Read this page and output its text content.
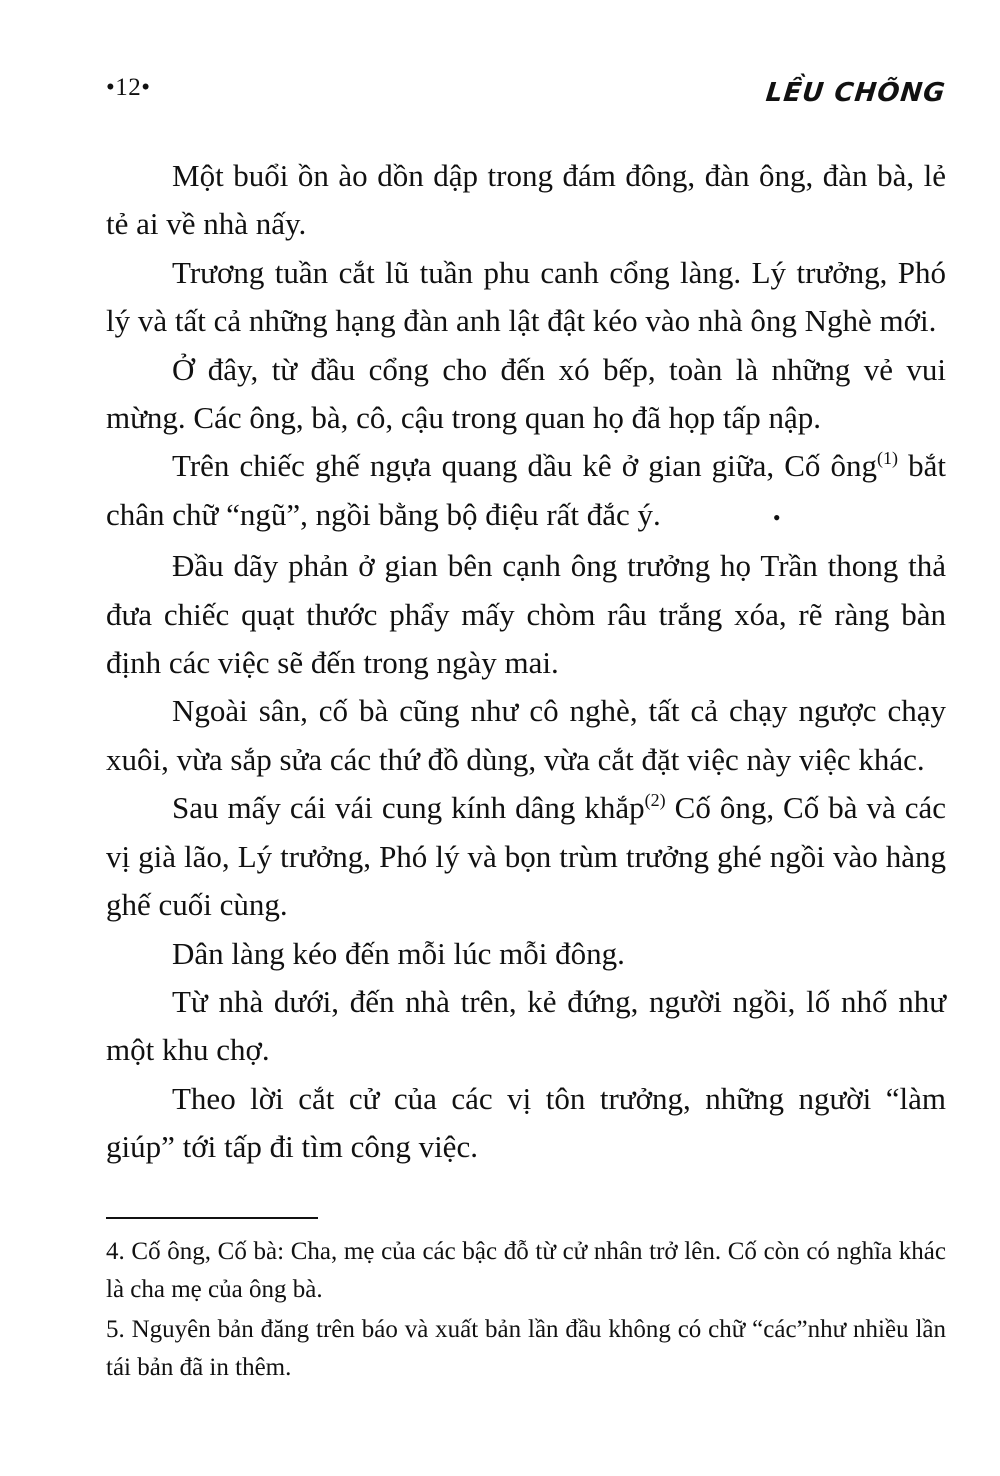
•12•	LỀU CHÕNG

Một buổi ồn ào dồn dập trong đám đông, đàn ông, đàn bà, lẻ tẻ ai về nhà nấy.

Trương tuần cắt lũ tuần phu canh cổng làng. Lý trưởng, Phó lý và tất cả những hạng đàn anh lật đật kéo vào nhà ông Nghè mới.

Ở đây, từ đầu cổng cho đến xó bếp, toàn là những vẻ vui mừng. Các ông, bà, cô, cậu trong quan họ đã họp tấp nập.

Trên chiếc ghế ngựa quang dầu kê ở gian giữa, Cố ông$^{(1)}$ bắt chân chữ “ngũ”, ngồi bằng bộ điệu rất đắc ý.	•

Đầu dãy phản ở gian bên cạnh ông trưởng họ Trần thong thả đưa chiếc quạt thước phẩy mấy chòm râu trắng xóa, rẽ ràng bàn định các việc sẽ đến trong ngày mai.

Ngoài sân, cố bà cũng như cô nghè, tất cả chạy ngược chạy xuôi, vừa sắp sửa các thứ đồ dùng, vừa cắt đặt việc này việc khác.

Sau mấy cái vái cung kính dâng khắp$^{(2)}$ Cố ông, Cố bà và các vị già lão, Lý trưởng, Phó lý và bọn trùm trưởng ghé ngồi vào hàng ghế cuối cùng.

Dân làng kéo đến mỗi lúc mỗi đông.

Từ nhà dưới, đến nhà trên, kẻ đứng, người ngồi, lố nhố như một khu chợ.

Theo lời cắt cử của các vị tôn trưởng, những người “làm giúp” tới tấp đi tìm công việc.

4. Cố ông, Cố bà: Cha, mẹ của các bậc đỗ từ cử nhân trở lên. Cố còn có nghĩa khác là cha mẹ của ông bà.

5. Nguyên bản đăng trên báo và xuất bản lần đầu không có chữ “các”như nhiều lần tái bản đã in thêm.
